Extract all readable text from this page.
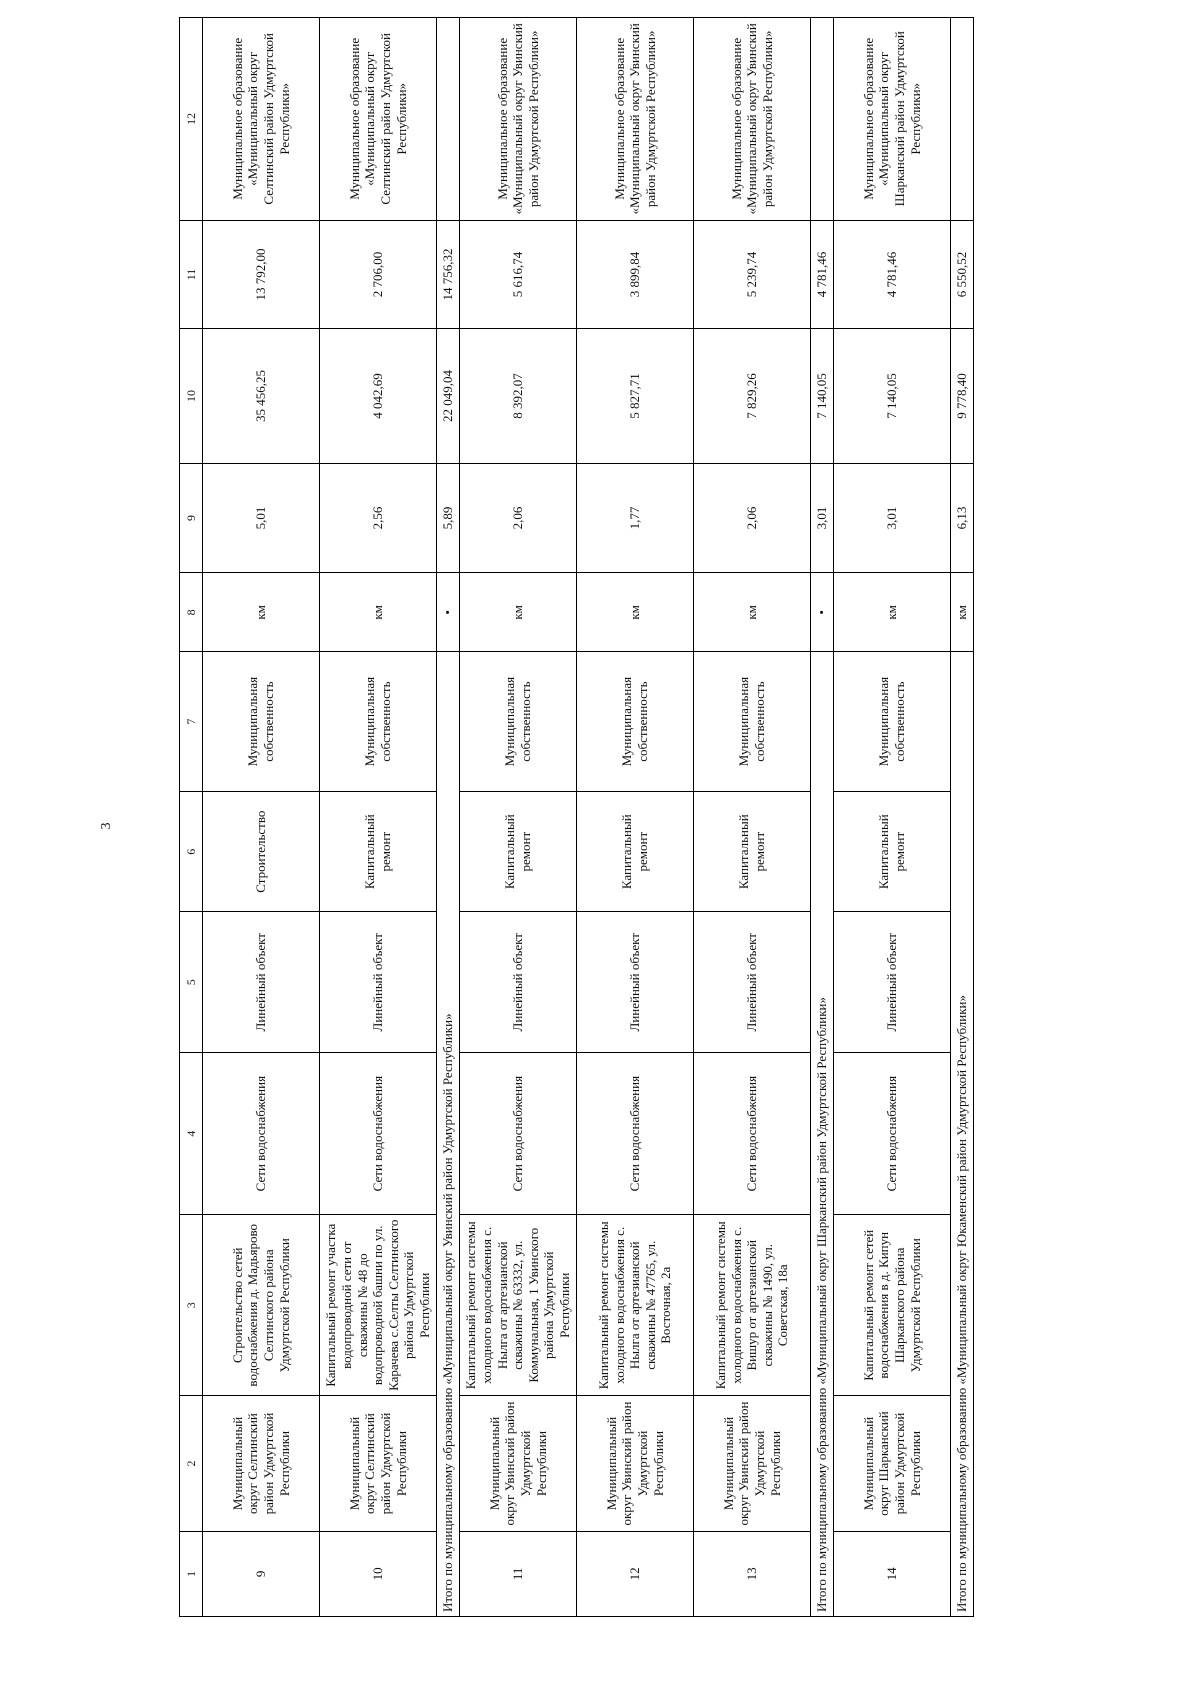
3
1	2	3	4	5	6	7	8	9	10	11	12
9	Муниципальный округ Селтинский район Удмуртской Республики	Строительство сетей водоснабжения д. Мадьярово Селтинского района Удмуртской Республики	Сети водоснабжения	Линейный объект	Строительство	Муниципальная собственность	км	5,01	35 456,25	13 792,00	Муниципальное образование «Муниципальный округ Селтинский район Удмуртской Республики»
10	Муниципальный округ Селтинский район Удмуртской Республики	Капитальный ремонт участка водопроводной сети от скважины № 48 до водопроводной башни по ул. Карачева с.Селты Селтинского района Удмуртской Республики	Сети водоснабжения	Линейный объект	Капитальный ремонт	Муниципальная собственность	км	2,56	4 042,69	2 706,00	Муниципальное образование «Муниципальный округ Селтинский район Удмуртской Республики»
Итого по муниципальному образованию «Муниципальный округ Увинский район Удмуртской Республики»							•	5,89	22 049,04	14 756,32	
11	Муниципальный округ Увинский район Удмуртской Республики	Капитальный ремонт системы холодного водоснабжения с. Нылга от артезианской скважины № 63332, ул. Коммунальная, 1 Увинского района Удмуртской Республики	Сети водоснабжения	Линейный объект	Капитальный ремонт	Муниципальная собственность	км	2,06	8 392,07	5 616,74	Муниципальное образование «Муниципальный округ Увинский район Удмуртской Республики»
12	Муниципальный округ Увинский район Удмуртской Республики	Капитальный ремонт системы холодного водоснабжения с. Нылга от артезианской скважины № 47765, ул. Восточная, 2а	Сети водоснабжения	Линейный объект	Капитальный ремонт	Муниципальная собственность	км	1,77	5 827,71	3 899,84	Муниципальное образование «Муниципальный округ Увинский район Удмуртской Республики»
13	Муниципальный округ Увинский район Удмуртской Республики	Капитальный ремонт системы холодного водоснабжения с. Вишур от артезианской скважины № 1490, ул. Советская, 18а	Сети водоснабжения	Линейный объект	Капитальный ремонт	Муниципальная собственность	км	2,06	7 829,26	5 239,74	Муниципальное образование «Муниципальный округ Увинский район Удмуртской Республики»
Итого по муниципальному образованию «Муниципальный округ Шарканский район Удмуртской Республики»							•	3,01	7 140,05	4 781,46	
14	Муниципальный округ Шарканский район Удмуртской Республики	Капитальный ремонт сетей водоснабжения в д. Кипун Шарканского района Удмуртской Республики	Сети водоснабжения	Линейный объект	Капитальный ремонт	Муниципальная собственность	км	3,01	7 140,05	4 781,46	Муниципальное образование «Муниципальный округ Шарканский район Удмуртской Республики»
Итого по муниципальному образованию «Муниципальный округ Юкаменский район Удмуртской Республики»							км	6,13	9 778,40	6 550,52	
